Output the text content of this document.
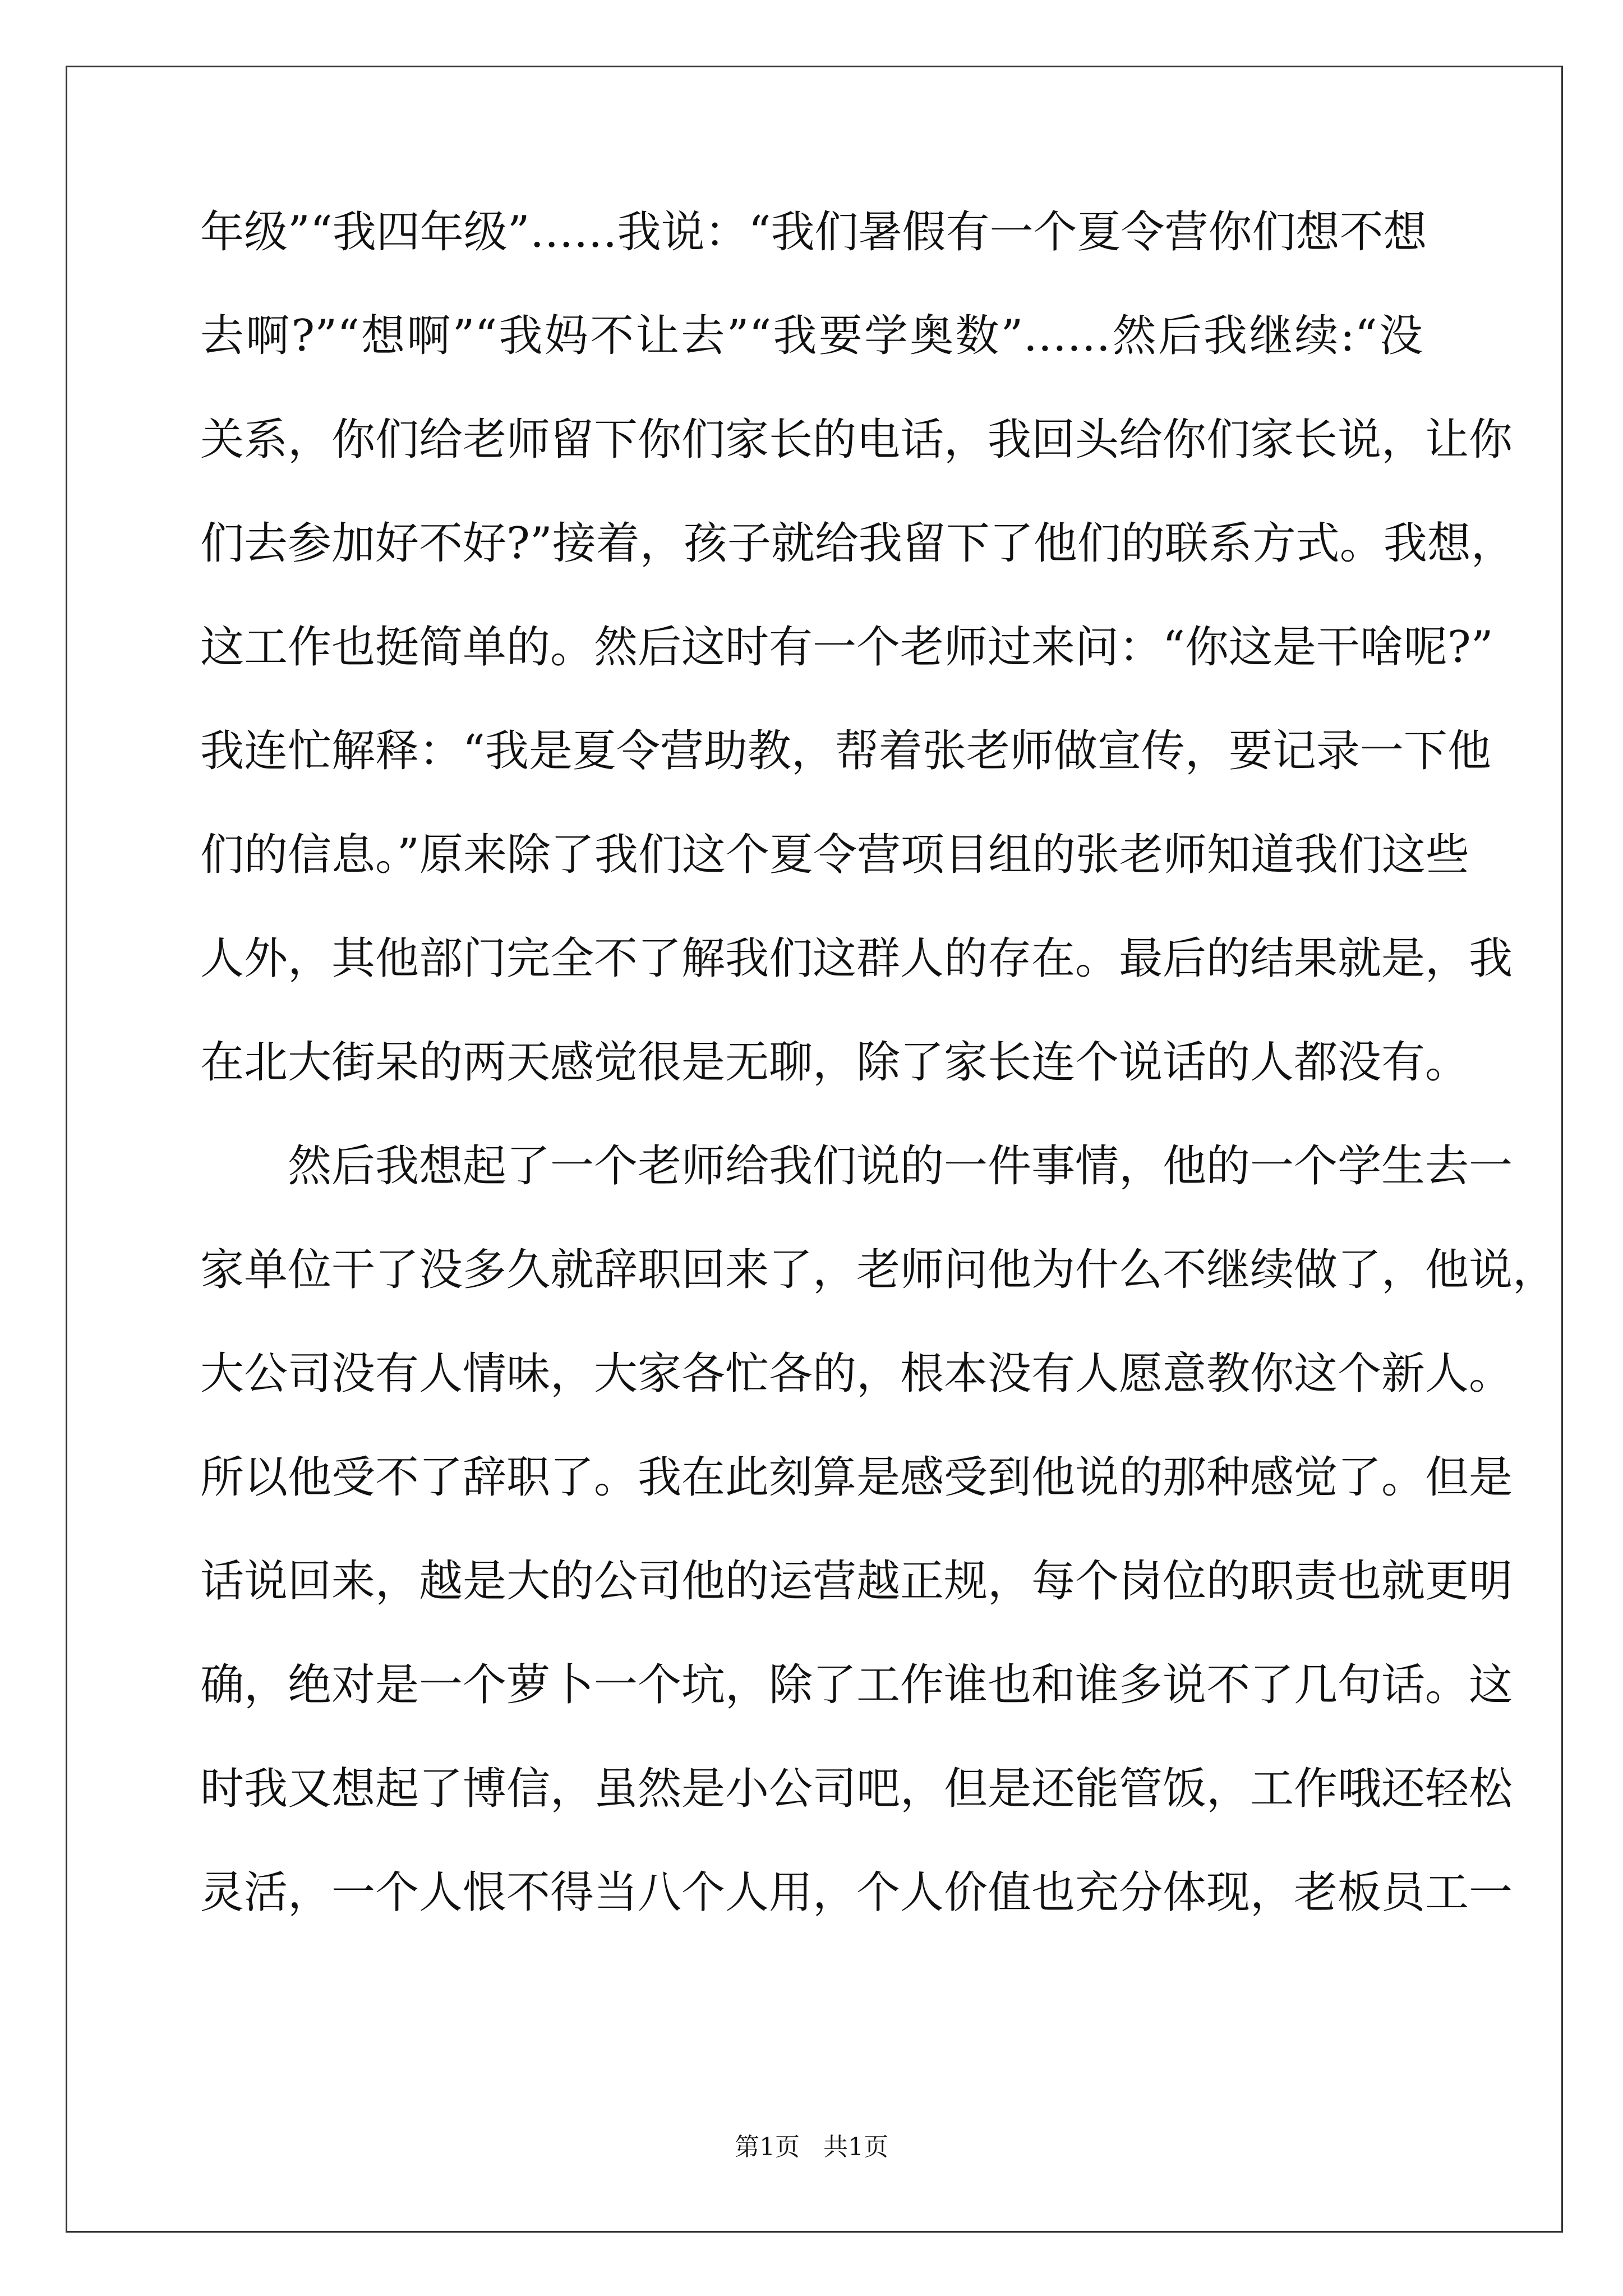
年级”“我四年级”……我说：“我们暑假有一个夏令营你们想不想
去啊?”“想啊”“我妈不让去”“我要学奥数”……然后我继续:“没
关系，你们给老师留下你们家长的电话，我回头给你们家长说，让你
们去参加好不好?”接着，孩子就给我留下了他们的联系方式。我想，
这工作也挺简单的。然后这时有一个老师过来问：“你这是干啥呢?”
我连忙解释：“我是夏令营助教，帮着张老师做宣传，要记录一下他
们的信息。”原来除了我们这个夏令营项目组的张老师知道我们这些
人外，其他部门完全不了解我们这群人的存在。最后的结果就是，我
在北大街呆的两天感觉很是无聊，除了家长连个说话的人都没有。
然后我想起了一个老师给我们说的一件事情，他的一个学生去一
家单位干了没多久就辞职回来了，老师问他为什么不继续做了，他说，
大公司没有人情味，大家各忙各的，根本没有人愿意教你这个新人。
所以他受不了辞职了。我在此刻算是感受到他说的那种感觉了。但是
话说回来，越是大的公司他的运营越正规，每个岗位的职责也就更明
确，绝对是一个萝卜一个坑，除了工作谁也和谁多说不了几句话。这
时我又想起了博信，虽然是小公司吧，但是还能管饭，工作哦还轻松
灵活，一个人恨不得当八个人用，个人价值也充分体现，老板员工一
第1页   共1页
